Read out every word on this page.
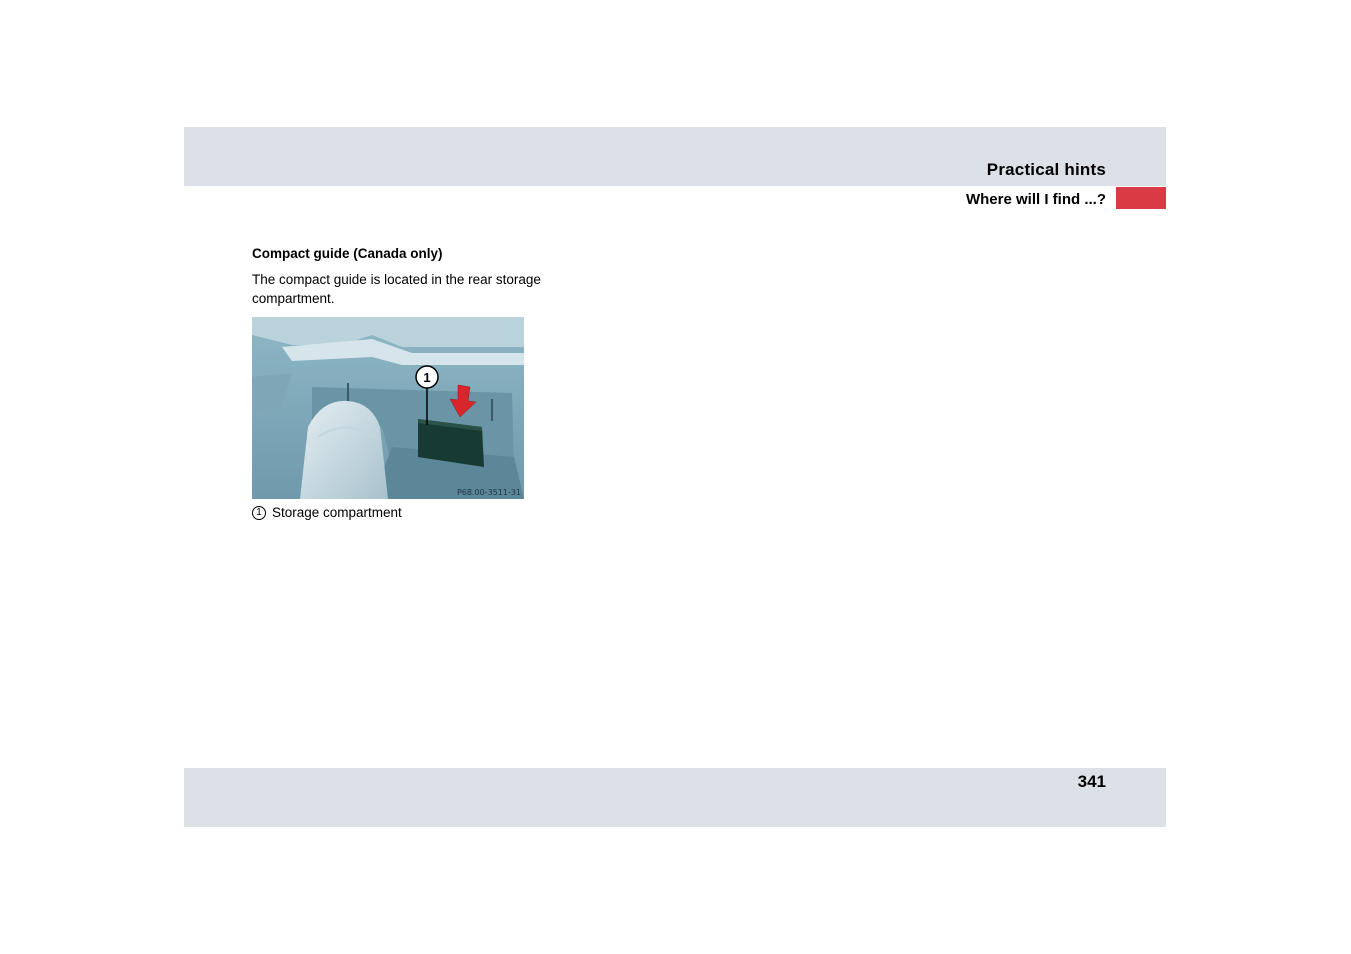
Practical hints
Where will I find ...?
Compact guide (Canada only)
The compact guide is located in the rear storage compartment.
1
P68.00-3511-31
1 Storage compartment
341
